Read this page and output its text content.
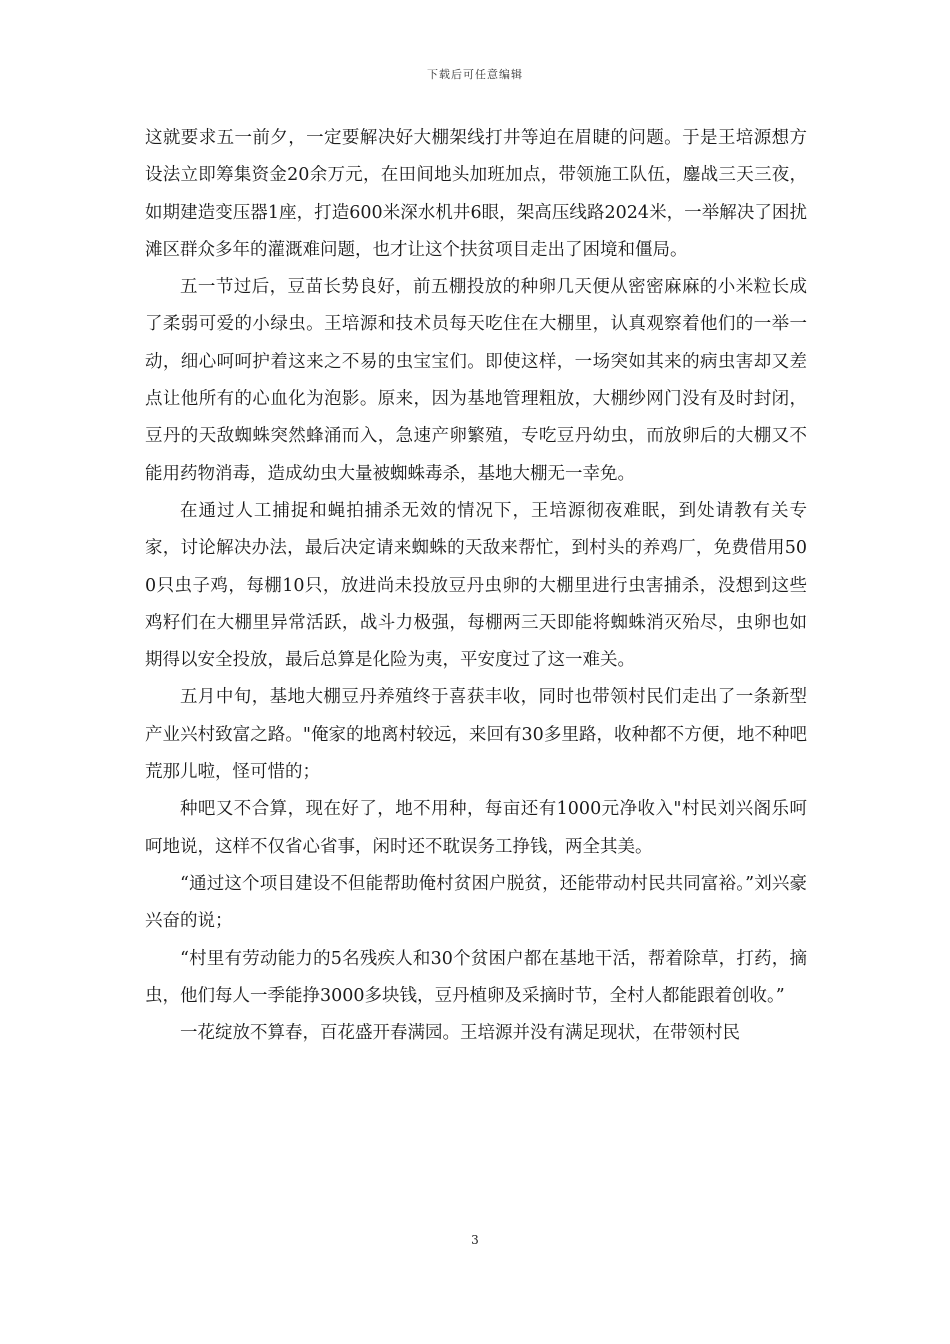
下载后可任意编辑

这就要求五一前夕，一定要解决好大棚架线打井等迫在眉睫的问题。于是王培源想方设法立即筹集资金20余万元，在田间地头加班加点，带领施工队伍，鏖战三天三夜，如期建造变压器1座，打造600米深水机井6眼，架高压线路2024米，一举解决了困扰滩区群众多年的灌溉难问题，也才让这个扶贫项目走出了困境和僵局。

五一节过后，豆苗长势良好，前五棚投放的种卵几天便从密密麻麻的小米粒长成了柔弱可爱的小绿虫。王培源和技术员每天吃住在大棚里，认真观察着他们的一举一动，细心呵呵护着这来之不易的虫宝宝们。即使这样，一场突如其来的病虫害却又差点让他所有的心血化为泡影。原来，因为基地管理粗放，大棚纱网门没有及时封闭，豆丹的天敌蜘蛛突然蜂涌而入，急速产卵繁殖，专吃豆丹幼虫，而放卵后的大棚又不能用药物消毒，造成幼虫大量被蜘蛛毒杀，基地大棚无一幸免。

在通过人工捕捉和蝇拍捕杀无效的情况下，王培源彻夜难眠，到处请教有关专家，讨论解决办法，最后决定请来蜘蛛的天敌来帮忙，到村头的养鸡厂，免费借用500只虫子鸡，每棚10只，放进尚未投放豆丹虫卵的大棚里进行虫害捕杀，没想到这些鸡籽们在大棚里异常活跃，战斗力极强，每棚两三天即能将蜘蛛消灭殆尽，虫卵也如期得以安全投放，最后总算是化险为夷，平安度过了这一难关。

五月中旬，基地大棚豆丹养殖终于喜获丰收，同时也带领村民们走出了一条新型产业兴村致富之路。"俺家的地离村较远，来回有30多里路，收种都不方便，地不种吧荒那儿啦，怪可惜的；

种吧又不合算，现在好了，地不用种，每亩还有1000元净收入"村民刘兴阁乐呵呵地说，这样不仅省心省事，闲时还不耽误务工挣钱，两全其美。

“通过这个项目建设不但能帮助俺村贫困户脱贫，还能带动村民共同富裕。”刘兴豪兴奋的说；

“村里有劳动能力的5名残疾人和30个贫困户都在基地干活，帮着除草，打药，摘虫，他们每人一季能挣3000多块钱，豆丹植卵及采摘时节，全村人都能跟着创收。”

一花绽放不算春，百花盛开春满园。王培源并没有满足现状，在带领村民

3
